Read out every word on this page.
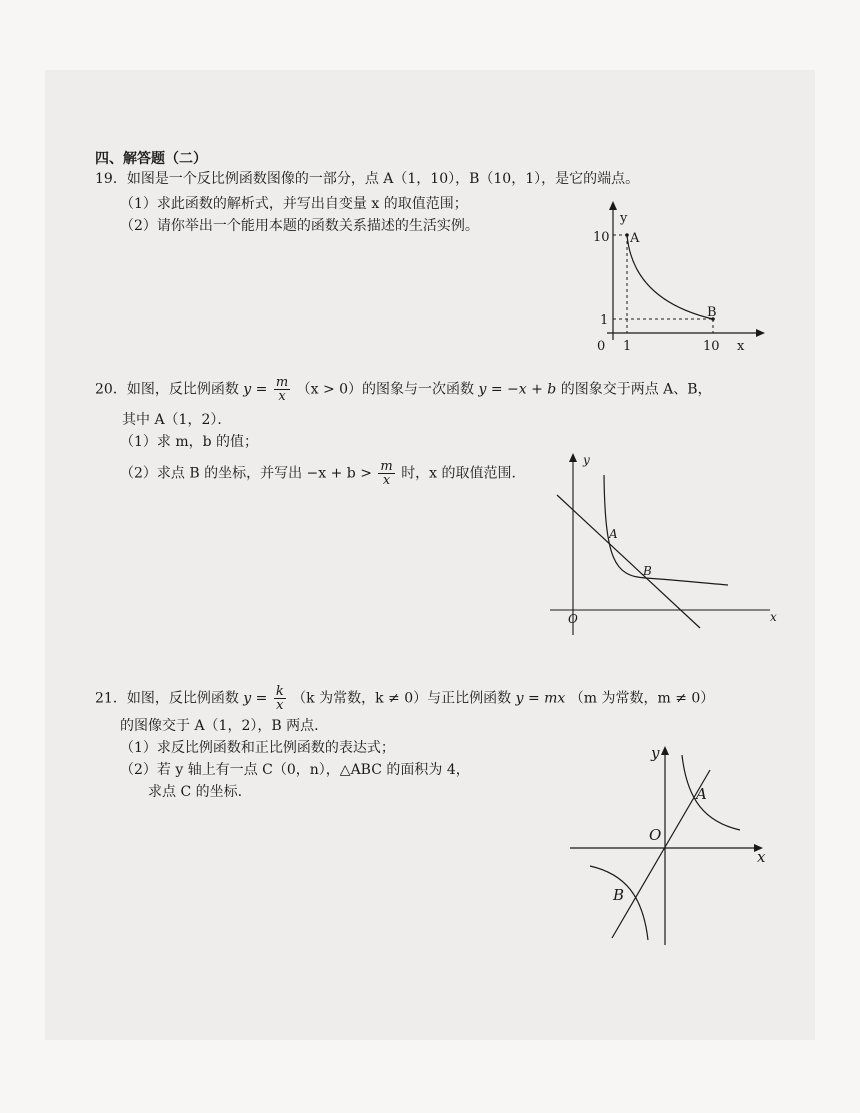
四、解答题（二）
19．如图是一个反比例函数图像的一部分，点 A（1，10），B（10，1），是它的端点。
（1）求此函数的解析式，并写出自变量 x 的取值范围；
（2）请你举出一个能用本题的函数关系描述的生活实例。	y
x
0
10
1
1	10
A
B
20．如图，反比例函数 $y = \frac{m}{x} (x > 0)$的图象与一次函数 y = −x + b 的图象交于两点 A、B，
其中 A（1，2）．
（1）求 m，b 的值；
（2）求点 B 的坐标，并写出 $-x + b > \frac{m}{x}$ 时，x 的取值范围.
y
x
O
A
B
21．如图，反比例函数 $y = \frac{k}{x} (k$ 为常数，k ≠ 0）与正比例函数 y = mx （m 为常数，m ≠ 0）
的图像交于 A（1，2），B 两点.
（1）求反比例函数和正比例函数的表达式；
（2）若 y 轴上有一点 C（0，n），△ABC 的面积为 4，
求点 C 的坐标.
y
x
O
A
B
